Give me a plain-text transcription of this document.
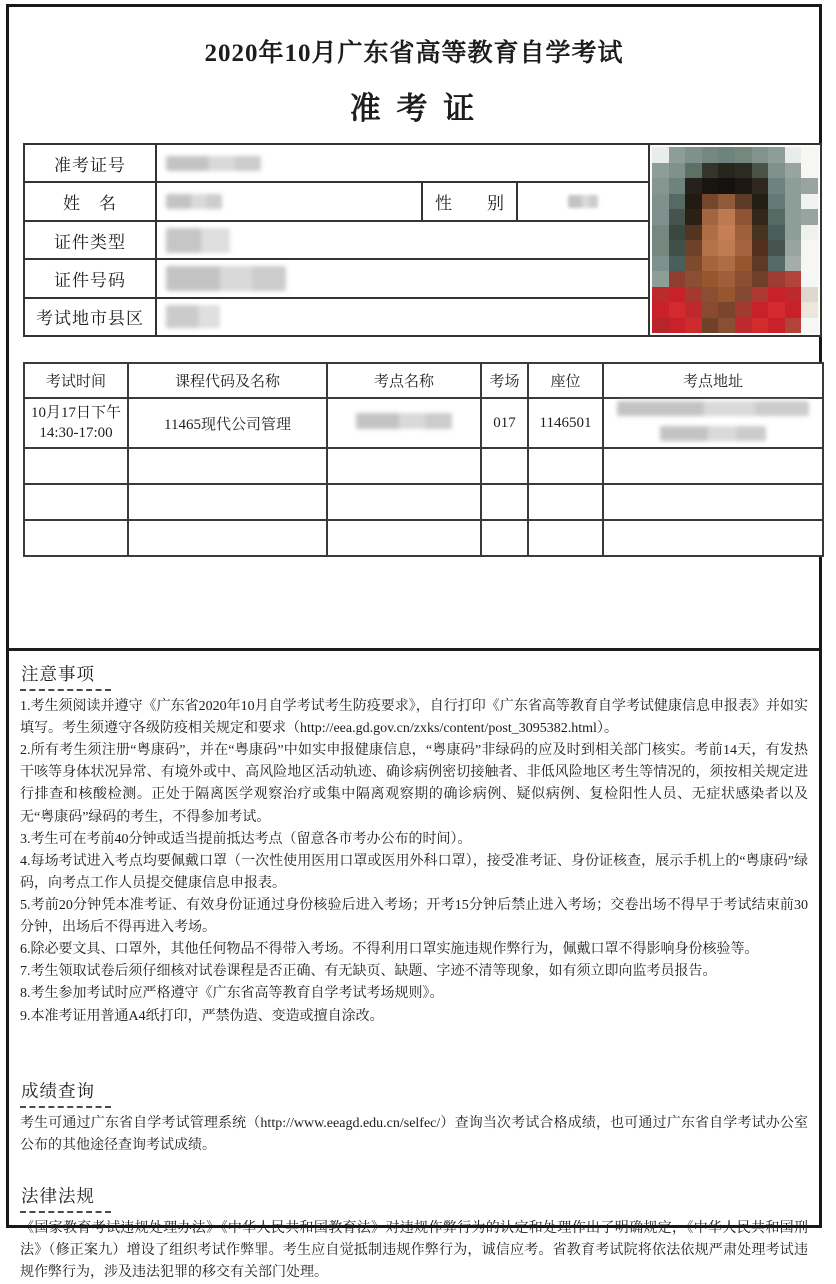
2020年10月广东省高等教育自学考试
准 考 证
准考证号
姓　名	性　别
证件类型
证件号码
考试地市县区
考试时间	课程代码及名称	考点名称	考场	座位	考点地址

10月17日下午
14:30-17:00	11465现代公司管理		017	1146501	

注意事项
1.考生须阅读并遵守《广东省2020年10月自学考试考生防疫要求》，自行打印《广东省高等教育自学考试健康信息申报表》并如实填写。考生须遵守各级防疫相关规定和要求（http://eea.gd.gov.cn/zxks/content/post_3095382.html）。
2.所有考生须注册“粤康码”，并在“粤康码”中如实申报健康信息，“粤康码”非绿码的应及时到相关部门核实。考前14天，有发热干咳等身体状况异常、有境外或中、高风险地区活动轨迹、确诊病例密切接触者、非低风险地区考生等情况的，须按相关规定进行排查和核酸检测。正处于隔离医学观察治疗或集中隔离观察期的确诊病例、疑似病例、复检阳性人员、无症状感染者以及无“粤康码”绿码的考生，不得参加考试。
3.考生可在考前40分钟或适当提前抵达考点（留意各市考办公布的时间）。
4.每场考试进入考点均要佩戴口罩（一次性使用医用口罩或医用外科口罩），接受准考证、身份证核查，展示手机上的“粤康码”绿码，向考点工作人员提交健康信息申报表。
5.考前20分钟凭本准考证、有效身份证通过身份核验后进入考场；开考15分钟后禁止进入考场；交卷出场不得早于考试结束前30分钟，出场后不得再进入考场。
6.除必要文具、口罩外，其他任何物品不得带入考场。不得利用口罩实施违规作弊行为，佩戴口罩不得影响身份核验等。
7.考生领取试卷后须仔细核对试卷课程是否正确、有无缺页、缺题、字迹不清等现象，如有须立即向监考员报告。
8.考生参加考试时应严格遵守《广东省高等教育自学考试考场规则》。
9.本准考证用普通A4纸打印，严禁伪造、变造或擅自涂改。
成绩查询
考生可通过广东省自学考试管理系统（http://www.eeagd.edu.cn/selfec/）查询当次考试合格成绩，也可通过广东省自学考试办公室公布的其他途径查询考试成绩。
法律法规
《国家教育考试违规处理办法》《中华人民共和国教育法》对违规作弊行为的认定和处理作出了明确规定，《中华人民共和国刑法》（修正案九）增设了组织考试作弊罪。考生应自觉抵制违规作弊行为，诚信应考。省教育考试院将依法依规严肃处理考试违规作弊行为，涉及违法犯罪的移交有关部门处理。
